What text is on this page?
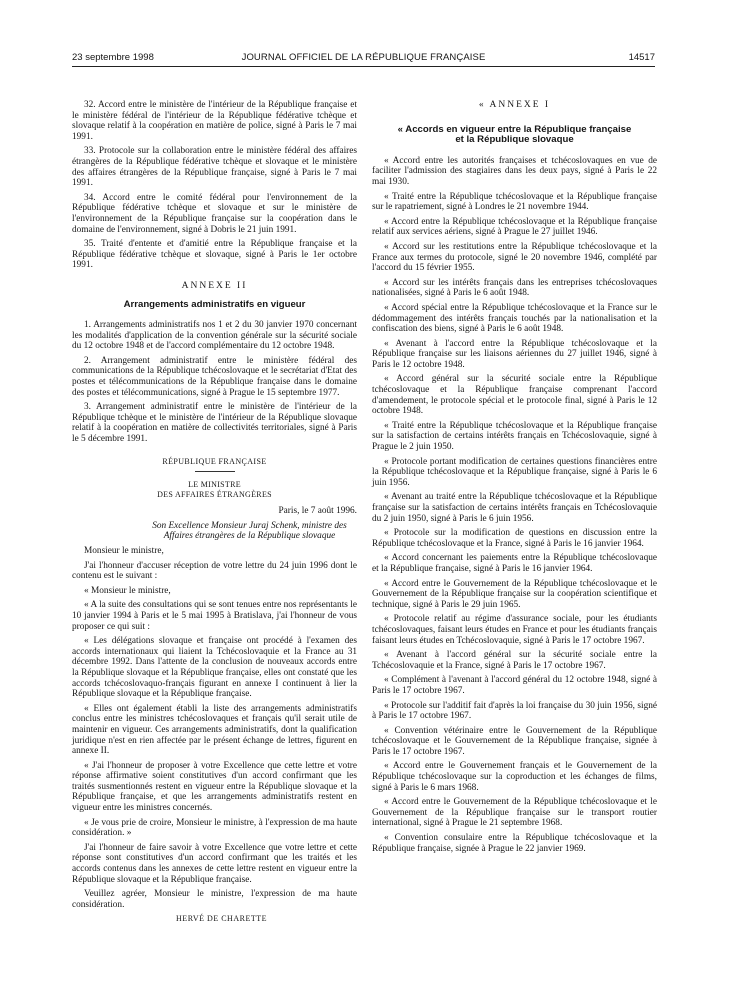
23 septembre 1998	JOURNAL OFFICIEL DE LA RÉPUBLIQUE FRANÇAISE	14517

32. Accord entre le ministère de l'intérieur de la République française et le ministère fédéral de l'intérieur de la République fédérative tchèque et slovaque relatif à la coopération en matière de police, signé à Paris le 7 mai 1991.

33. Protocole sur la collaboration entre le ministère fédéral des affaires étrangères de la République fédérative tchèque et slovaque et le ministère des affaires étrangères de la République française, signé à Paris le 7 mai 1991.

34. Accord entre le comité fédéral pour l'environnement de la République fédérative tchèque et slovaque et sur le ministère de l'environnement de la République française sur la coopération dans le domaine de l'environnement, signé à Dobris le 21 juin 1991.

35. Traité d'entente et d'amitié entre la République française et la République fédérative tchèque et slovaque, signé à Paris le 1er octobre 1991.

ANNEXE II
Arrangements administratifs en vigueur

1. Arrangements administratifs nos 1 et 2 du 30 janvier 1970 concernant les modalités d'application de la convention générale sur la sécurité sociale du 12 octobre 1948 et de l'accord complémentaire du 12 octobre 1948.

2. Arrangement administratif entre le ministère fédéral des communications de la République tchécoslovaque et le secrétariat d'Etat des postes et télécommunications de la République française dans le domaine des postes et télécommunications, signé à Prague le 15 septembre 1977.

3. Arrangement administratif entre le ministère de l'intérieur de la République tchèque et le ministère de l'intérieur de la République slovaque relatif à la coopération en matière de collectivités territoriales, signé à Paris le 5 décembre 1991.

RÉPUBLIQUE FRANÇAISE
LE MINISTRE
DES AFFAIRES ÉTRANGÈRES
Paris, le 7 août 1996.
Son Excellence Monsieur Juraj Schenk, ministre des Affaires étrangères de la République slovaque

Monsieur le ministre,

J'ai l'honneur d'accuser réception de votre lettre du 24 juin 1996 dont le contenu est le suivant :

« Monsieur le ministre,

« A la suite des consultations qui se sont tenues entre nos représentants le 10 janvier 1994 à Paris et le 5 mai 1995 à Bratislava, j'ai l'honneur de vous proposer ce qui suit :

« Les délégations slovaque et française ont procédé à l'examen des accords internationaux qui liaient la Tchécoslovaquie et la France au 31 décembre 1992. Dans l'attente de la conclusion de nouveaux accords entre la République slovaque et la République française, elles ont constaté que les accords tchécoslovaquo-français figurant en annexe I continuent à lier la République slovaque et la République française.

« Elles ont également établi la liste des arrangements administratifs conclus entre les ministres tchécoslovaques et français qu'il serait utile de maintenir en vigueur. Ces arrangements administratifs, dont la qualification juridique n'est en rien affectée par le présent échange de lettres, figurent en annexe II.

« J'ai l'honneur de proposer à votre Excellence que cette lettre et votre réponse affirmative soient constitutives d'un accord confirmant que les traités susmentionnés restent en vigueur entre la République slovaque et la République française, et que les arrangements administratifs restent en vigueur entre les ministres concernés.

« Je vous prie de croire, Monsieur le ministre, à l'expression de ma haute considération. »

J'ai l'honneur de faire savoir à votre Excellence que votre lettre et cette réponse sont constitutives d'un accord confirmant que les traités et les accords contenus dans les annexes de cette lettre restent en vigueur entre la République slovaque et la République française.

Veuillez agréer, Monsieur le ministre, l'expression de ma haute considération.

HERVÉ DE CHARETTE
« ANNEXE I
« Accords en vigueur entre la République française
et la République slovaque

« Accord entre les autorités françaises et tchécoslovaques en vue de faciliter l'admission des stagiaires dans les deux pays, signé à Paris le 22 mai 1930.

« Traité entre la République tchécoslovaque et la République française sur le rapatriement, signé à Londres le 21 novembre 1944.

« Accord entre la République tchécoslovaque et la République française relatif aux services aériens, signé à Prague le 27 juillet 1946.

« Accord sur les restitutions entre la République tchécoslovaque et la France aux termes du protocole, signé le 20 novembre 1946, complété par l'accord du 15 février 1955.

« Accord sur les intérêts français dans les entreprises tchécoslovaques nationalisées, signé à Paris le 6 août 1948.

« Accord spécial entre la République tchécoslovaque et la France sur le dédommagement des intérêts français touchés par la nationalisation et la confiscation des biens, signé à Paris le 6 août 1948.

« Avenant à l'accord entre la République tchécoslovaque et la République française sur les liaisons aériennes du 27 juillet 1946, signé à Paris le 12 octobre 1948.

« Accord général sur la sécurité sociale entre la République tchécoslovaque et la République française comprenant l'accord d'amendement, le protocole spécial et le protocole final, signé à Paris le 12 octobre 1948.

« Traité entre la République tchécoslovaque et la République française sur la satisfaction de certains intérêts français en Tchécoslovaquie, signé à Prague le 2 juin 1950.

« Protocole portant modification de certaines questions financières entre la République tchécoslovaque et la République française, signé à Paris le 6 juin 1956.

« Avenant au traité entre la République tchécoslovaque et la République française sur la satisfaction de certains intérêts français en Tchécoslovaquie du 2 juin 1950, signé à Paris le 6 juin 1956.

« Protocole sur la modification de questions en discussion entre la République tchécoslovaque et la France, signé à Paris le 16 janvier 1964.

« Accord concernant les paiements entre la République tchécoslovaque et la République française, signé à Paris le 16 janvier 1964.

« Accord entre le Gouvernement de la République tchécoslovaque et le Gouvernement de la République française sur la coopération scientifique et technique, signé à Paris le 29 juin 1965.

« Protocole relatif au régime d'assurance sociale, pour les étudiants tchécoslovaques, faisant leurs études en France et pour les étudiants français faisant leurs études en Tchécoslovaquie, signé à Paris le 17 octobre 1967.

« Avenant à l'accord général sur la sécurité sociale entre la Tchécoslovaquie et la France, signé à Paris le 17 octobre 1967.

« Complément à l'avenant à l'accord général du 12 octobre 1948, signé à Paris le 17 octobre 1967.

« Protocole sur l'additif fait d'après la loi française du 30 juin 1956, signé à Paris le 17 octobre 1967.

« Convention vétérinaire entre le Gouvernement de la République tchécoslovaque et le Gouvernement de la République française, signée à Paris le 17 octobre 1967.

« Accord entre le Gouvernement français et le Gouvernement de la République tchécoslovaque sur la coproduction et les échanges de films, signé à Paris le 6 mars 1968.

« Accord entre le Gouvernement de la République tchécoslovaque et le Gouvernement de la République française sur le transport routier international, signé à Prague le 21 septembre 1968.

« Convention consulaire entre la République tchécoslovaque et la République française, signée à Prague le 22 janvier 1969.
